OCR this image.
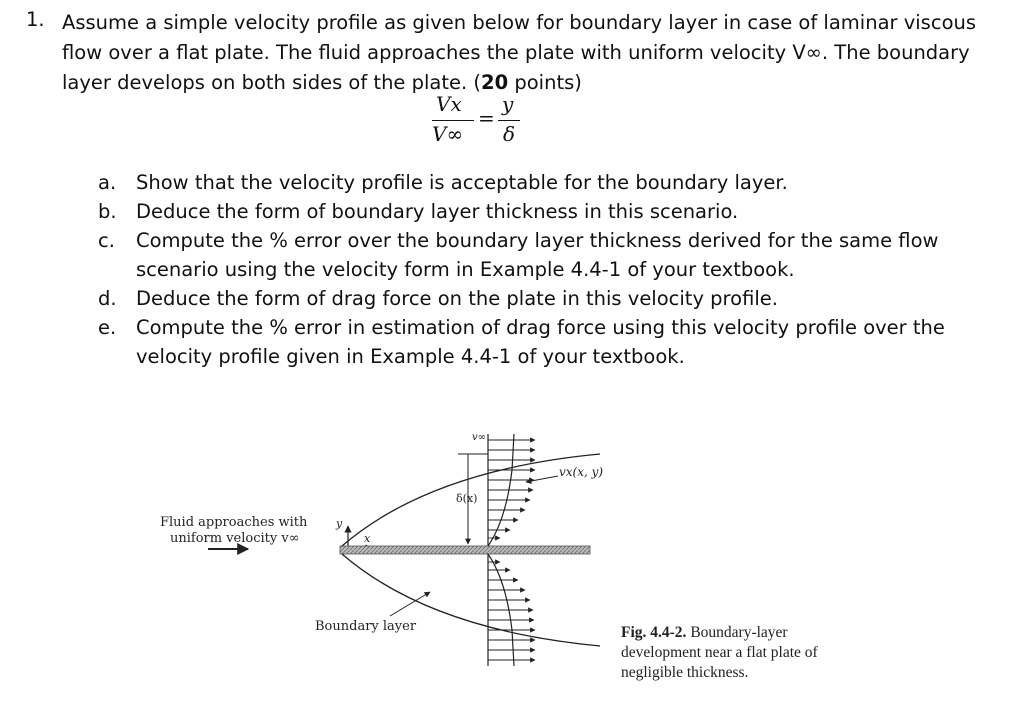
1. Assume a simple velocity profile as given below for boundary layer in case of laminar viscous flow over a flat plate. The fluid approaches the plate with uniform velocity V∞. The boundary layer develops on both sides of the plate. (20 points)
Vx
V∞
=
y
δ
a.	Show that the velocity profile is acceptable for the boundary layer.
b. Deduce the form of boundary layer thickness in this scenario.
c.	Compute the % error over the boundary layer thickness derived for the same flow scenario using the velocity form in Example 4.4-1 of your textbook.
d. Deduce the form of drag force on the plate in this velocity profile.
e.	Compute the % error in estimation of drag force using this velocity profile over the velocity profile given in Example 4.4-1 of your textbook.
Fluid approaches with
uniform velocity v∞
y
x
v∞
δ(x)
vx(x, y)
Boundary layer	Fig. 4.4-2. Boundary-layer development near a flat plate of negligible thickness.
